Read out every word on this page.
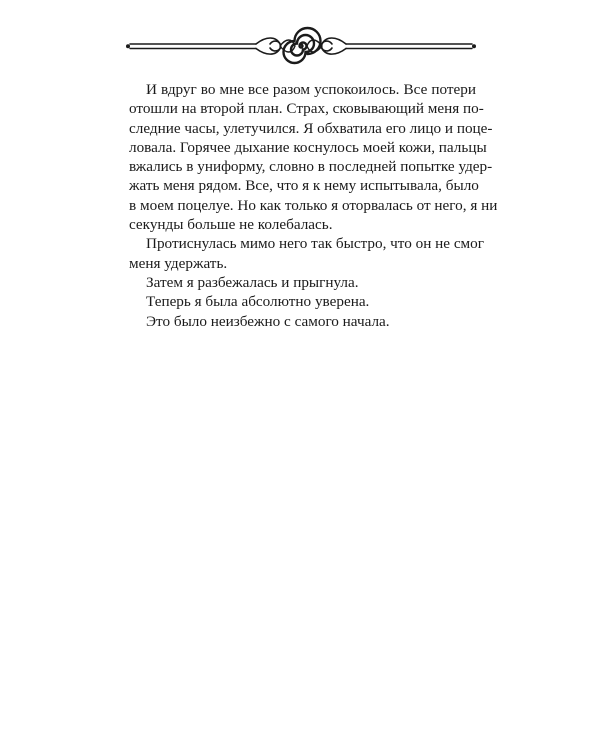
И вдруг во мне все разом успокоилось. Все потери
отошли на второй план. Страх, сковывающий меня по-
следние часы, улетучился. Я обхватила его лицо и поце-
ловала. Горячее дыхание коснулось моей кожи, пальцы
вжались в униформу, словно в последней попытке удер-
жать меня рядом. Все, что я к нему испытывала, было
в моем поцелуе. Но как только я оторвалась от него, я ни
секунды больше не колебалась.
Протиснулась мимо него так быстро, что он не смог
меня удержать.
Затем я разбежалась и прыгнула.
Теперь я была абсолютно уверена.
Это было неизбежно с самого начала.
